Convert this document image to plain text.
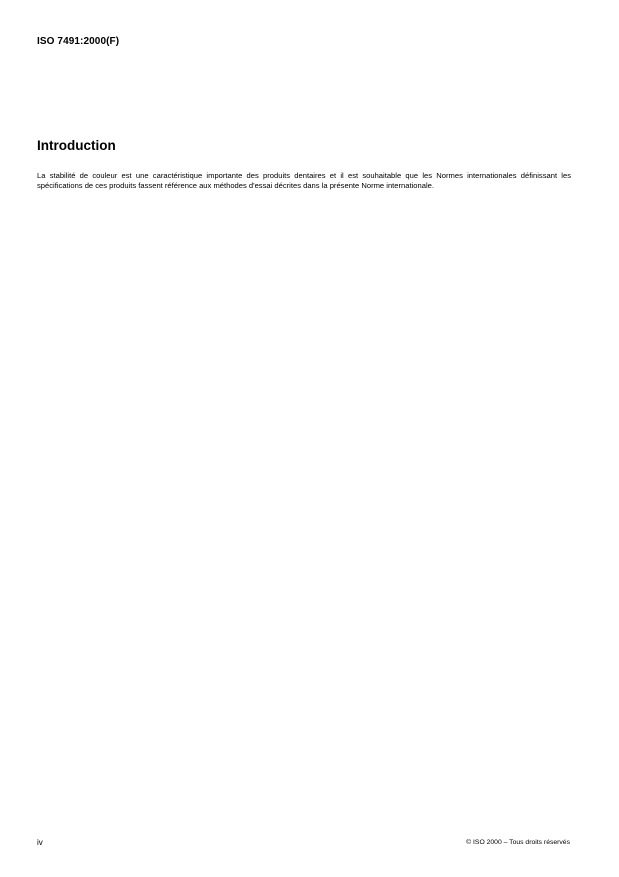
ISO 7491:2000(F)
Introduction

La stabilité de couleur est une caractéristique importante des produits dentaires et il est souhaitable que les Normes internationales définissant les spécifications de ces produits fassent référence aux méthodes d'essai décrites dans la présente Norme internationale.

iv	© ISO 2000 – Tous droits réservés
